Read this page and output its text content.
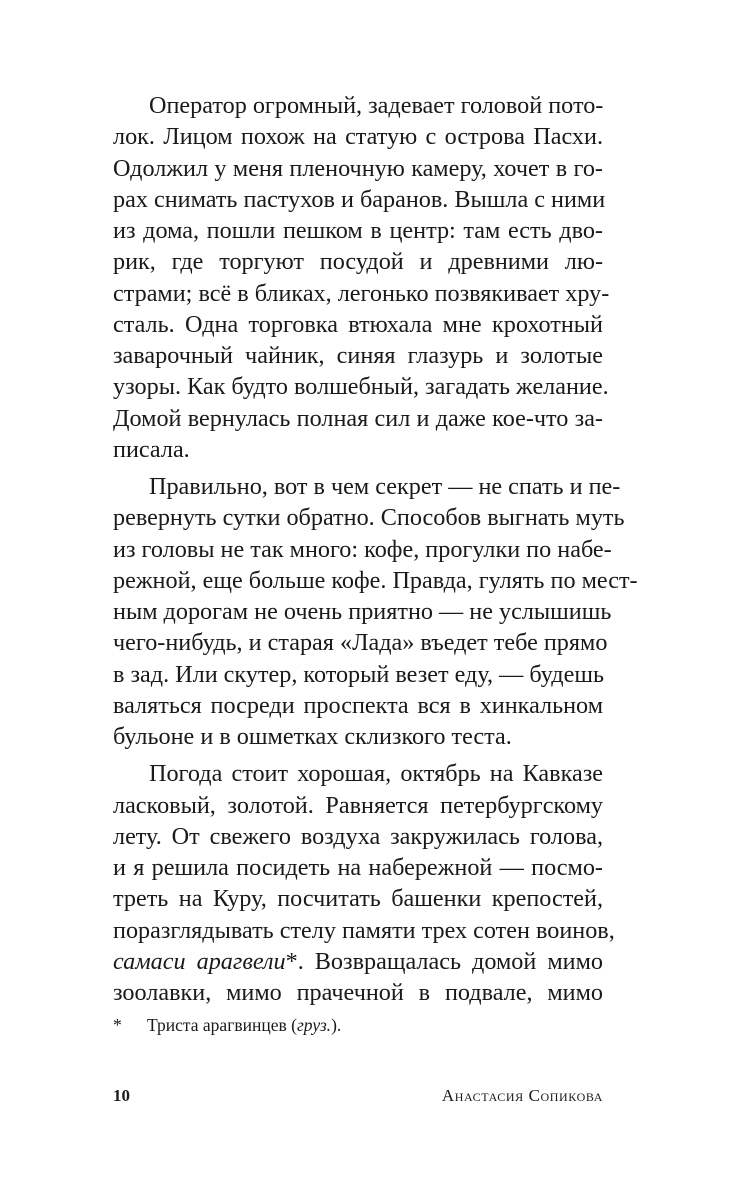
Оператор огромный, задевает головой пото-
лок. Лицом похож на статую с острова Пасхи.
Одолжил у меня пленочную камеру, хочет в го-
рах снимать пастухов и баранов. Вышла с ними
из дома, пошли пешком в центр: там есть дво-
рик, где торгуют посудой и древними лю-
страми; всё в бликах, легонько позвякивает хру-
сталь. Одна торговка втюхала мне крохотный
заварочный чайник, синяя глазурь и золотые
узоры. Как будто волшебный, загадать желание.
Домой вернулась полная сил и даже кое-что за-
писала.
Правильно, вот в чем секрет — не спать и пе-
ревернуть сутки обратно. Способов выгнать муть
из головы не так много: кофе, прогулки по набе-
режной, еще больше кофе. Правда, гулять по мест-
ным дорогам не очень приятно — не услышишь
чего-нибудь, и старая «Лада» въедет тебе прямо
в зад. Или скутер, который везет еду, — будешь
валяться посреди проспекта вся в хинкальном
бульоне и в ошметках склизкого теста.
Погода стоит хорошая, октябрь на Кавказе
ласковый, золотой. Равняется петербургскому
лету. От свежего воздуха закружилась голова,
и я решила посидеть на набережной — посмо-
треть на Куру, посчитать башенки крепостей,
поразглядывать стелу памяти трех сотен воинов,
самаси арагвели*. Возвращалась домой мимо
зоолавки, мимо прачечной в подвале, мимо
* Триста арагвинцев (груз.).
10	Анастасия Сопикова
